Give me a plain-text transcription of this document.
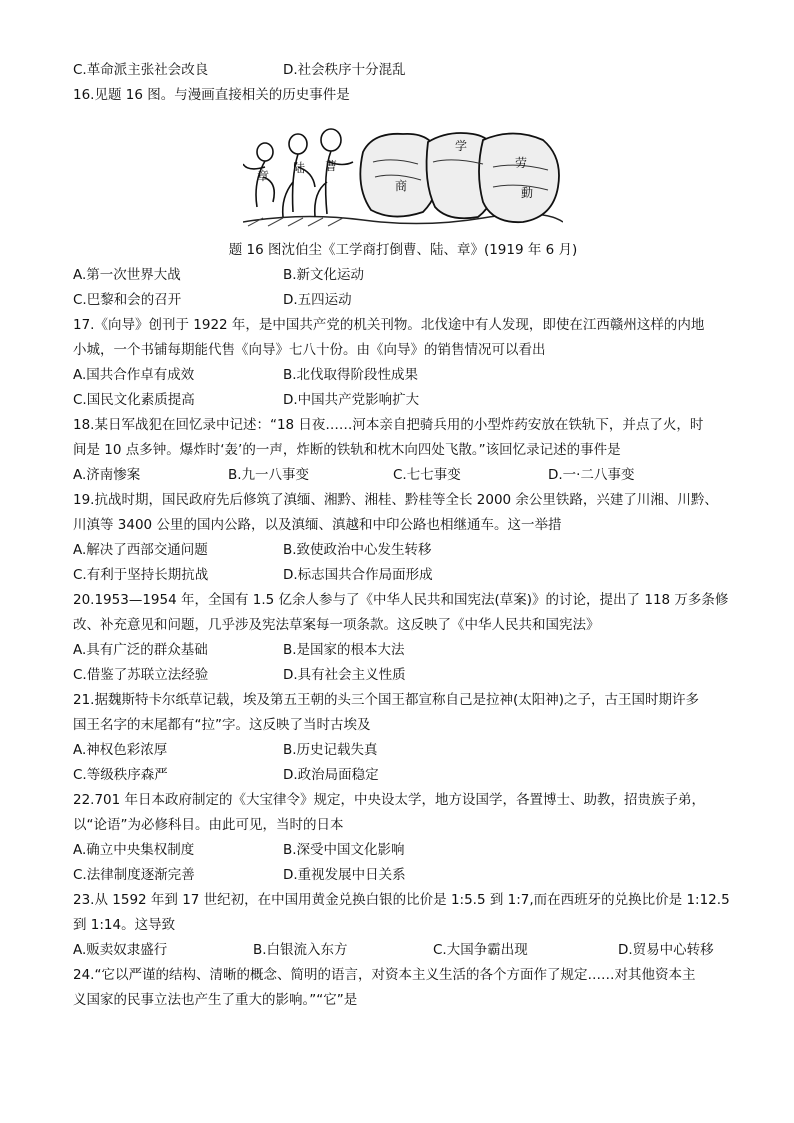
C.革命派主张社会改良	D.社会秩序十分混乱
16.见题 16 图。与漫画直接相关的历史事件是
章
陆 曹
商
学
劳
動
题 16 图沈伯尘《工学商打倒曹、陆、章》(1919 年 6 月)
A.第一次世界大战	B.新文化运动
C.巴黎和会的召开	D.五四运动
17.《向导》创刊于 1922 年，是中国共产党的机关刊物。北伐途中有人发现，即使在江西赣州这样的内地
小城，一个书铺每期能代售《向导》七八十份。由《向导》的销售情况可以看出
A.国共合作卓有成效	B.北伐取得阶段性成果
C.国民文化素质提高	D.中国共产党影响扩大
18.某日军战犯在回忆录中记述：“18 日夜……河本亲自把骑兵用的小型炸药安放在铁轨下，并点了火，时
间是 10 点多钟。爆炸时‘轰’的一声，炸断的铁轨和枕木向四处飞散。”该回忆录记述的事件是
A.济南惨案	B.九一八事变	C.七七事变	D.一·二八事变
19.抗战时期，国民政府先后修筑了滇缅、湘黔、湘桂、黔桂等全长 2000 余公里铁路，兴建了川湘、川黔、
川滇等 3400 公里的国内公路，以及滇缅、滇越和中印公路也相继通车。这一举措
A.解决了西部交通问题	B.致使政治中心发生转移
C.有利于坚持长期抗战	D.标志国共合作局面形成
20.1953—1954 年，全国有 1.5 亿余人参与了《中华人民共和国宪法(草案)》的讨论，提出了 118 万多条修
改、补充意见和问题，几乎涉及宪法草案每一项条款。这反映了《中华人民共和国宪法》
A.具有广泛的群众基础	B.是国家的根本大法
C.借鉴了苏联立法经验	D.具有社会主义性质
21.据魏斯特卡尔纸草记载，埃及第五王朝的头三个国王都宣称自己是拉神(太阳神)之子，古王国时期许多
国王名字的末尾都有“拉”字。这反映了当时古埃及
A.神权色彩浓厚	B.历史记载失真
C.等级秩序森严	D.政治局面稳定
22.701 年日本政府制定的《大宝律令》规定，中央设太学，地方设国学，各置博士、助教，招贵族子弟，
以“论语”为必修科目。由此可见，当时的日本
A.确立中央集权制度	B.深受中国文化影响
C.法律制度逐渐完善	D.重视发展中日关系
23.从 1592 年到 17 世纪初，在中国用黄金兑换白银的比价是 1:5.5 到 1:7,而在西班牙的兑换比价是 1:12.5
到 1:14。这导致
A.贩卖奴隶盛行	B.白银流入东方	C.大国争霸出现	D.贸易中心转移
24.“它以严谨的结构、清晰的概念、简明的语言，对资本主义生活的各个方面作了规定……对其他资本主
义国家的民事立法也产生了重大的影响。”“它”是
